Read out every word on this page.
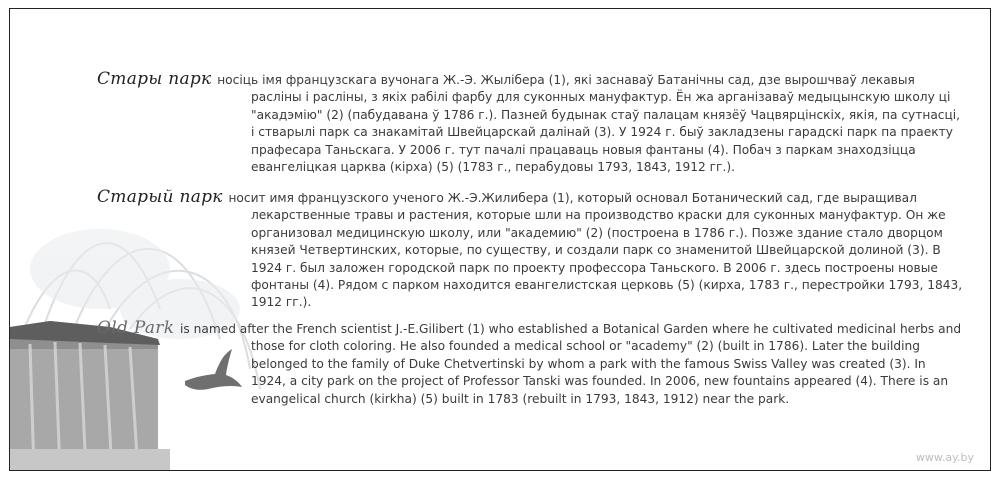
Стары парк носіць імя французскага вучонага Ж.-Э. Жылібера (1), які заснаваў Батанічны сад, дзе вырошчваў лекавыя расліны і расліны, з якіх рабілі фарбу для суконных мануфактур. Ён жа арганізаваў медыцынскую школу ці "акадэмію" (2) (пабудавана ў 1786 г.). Пазней будынак стаў палацам князёў Чацвярцінскіх, якія, па сутнасці, і стварылі парк са знакамітай Швейцарскай далінай (3). У 1924 г. быў закладзены гарадскі парк па праекту прафесара Таньскага. У 2006 г. тут пачалі працаваць новыя фантаны (4). Побач з паркам знаходзіцца евангеліцкая царква (кірха) (5) (1783 г., перабудовы 1793, 1843, 1912 гг.).
Старый парк носит имя французского ученого Ж.-Э.Жилибера (1), который основал Ботанический сад, где выращивал лекарственные травы и растения, которые шли на производство краски для суконных мануфактур. Он же организовал медицинскую школу, или "академию" (2) (построена в 1786 г.). Позже здание стало дворцом князей Четвертинских, которые, по существу, и создали парк со знаменитой Швейцарской долиной (3). В 1924 г. был заложен городской парк по проекту профессора Таньского. В 2006 г. здесь построены новые фонтаны (4). Рядом с парком находится евангелистская церковь (5) (кирха, 1783 г., перестройки 1793, 1843, 1912 гг.).
Old Park is named after the French scientist J.-E.Gilibert (1) who established a Botanical Garden where he cultivated medicinal herbs and those for cloth coloring. He also founded a medical school or "academy" (2) (built in 1786). Later the building belonged to the family of Duke Chetvertinski by whom a park with the famous Swiss Valley was created (3). In 1924, a city park on the project of Professor Tanski was founded. In 2006, new fountains appeared (4). There is an evangelical church (kirkha) (5) built in 1783 (rebuilt in 1793, 1843, 1912) near the park.
www.ay.by
